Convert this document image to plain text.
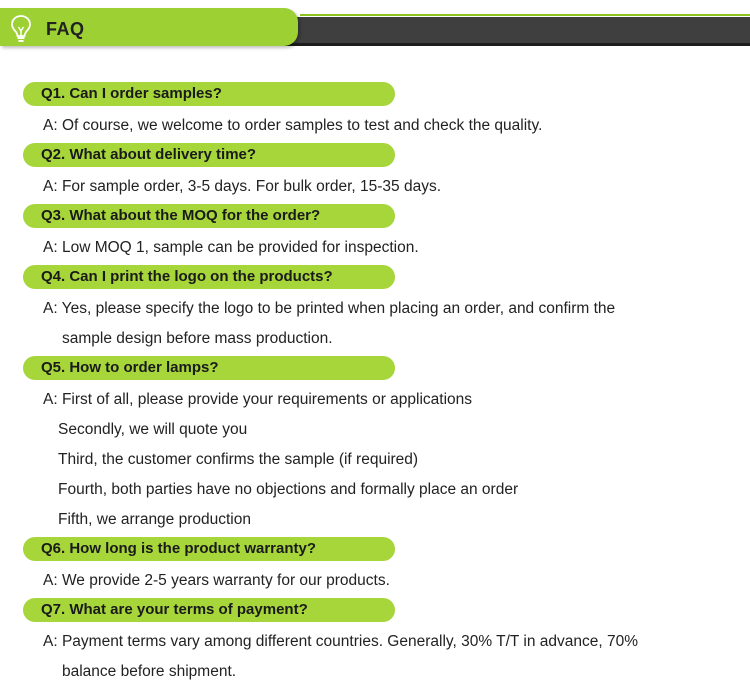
FAQ
Q1. Can I order samples?
A: Of course, we welcome to order samples to test and check the quality.
Q2. What about delivery time?
A: For sample order, 3-5 days. For bulk order, 15-35 days.
Q3. What about the MOQ for the order?
A: Low MOQ 1, sample can be provided for inspection.
Q4. Can I print the logo on the products?
A: Yes, please specify the logo to be printed when placing an order, and confirm the
sample design before mass production.
Q5. How to order lamps?
A: First of all, please provide your requirements or applications
Secondly, we will quote you
Third, the customer confirms the sample (if required)
Fourth, both parties have no objections and formally place an order
Fifth, we arrange production
Q6. How long is the product warranty?
A: We provide 2-5 years warranty for our products.
Q7. What are your terms of payment?
A: Payment terms vary among different countries. Generally, 30% T/T in advance, 70%
balance before shipment.
